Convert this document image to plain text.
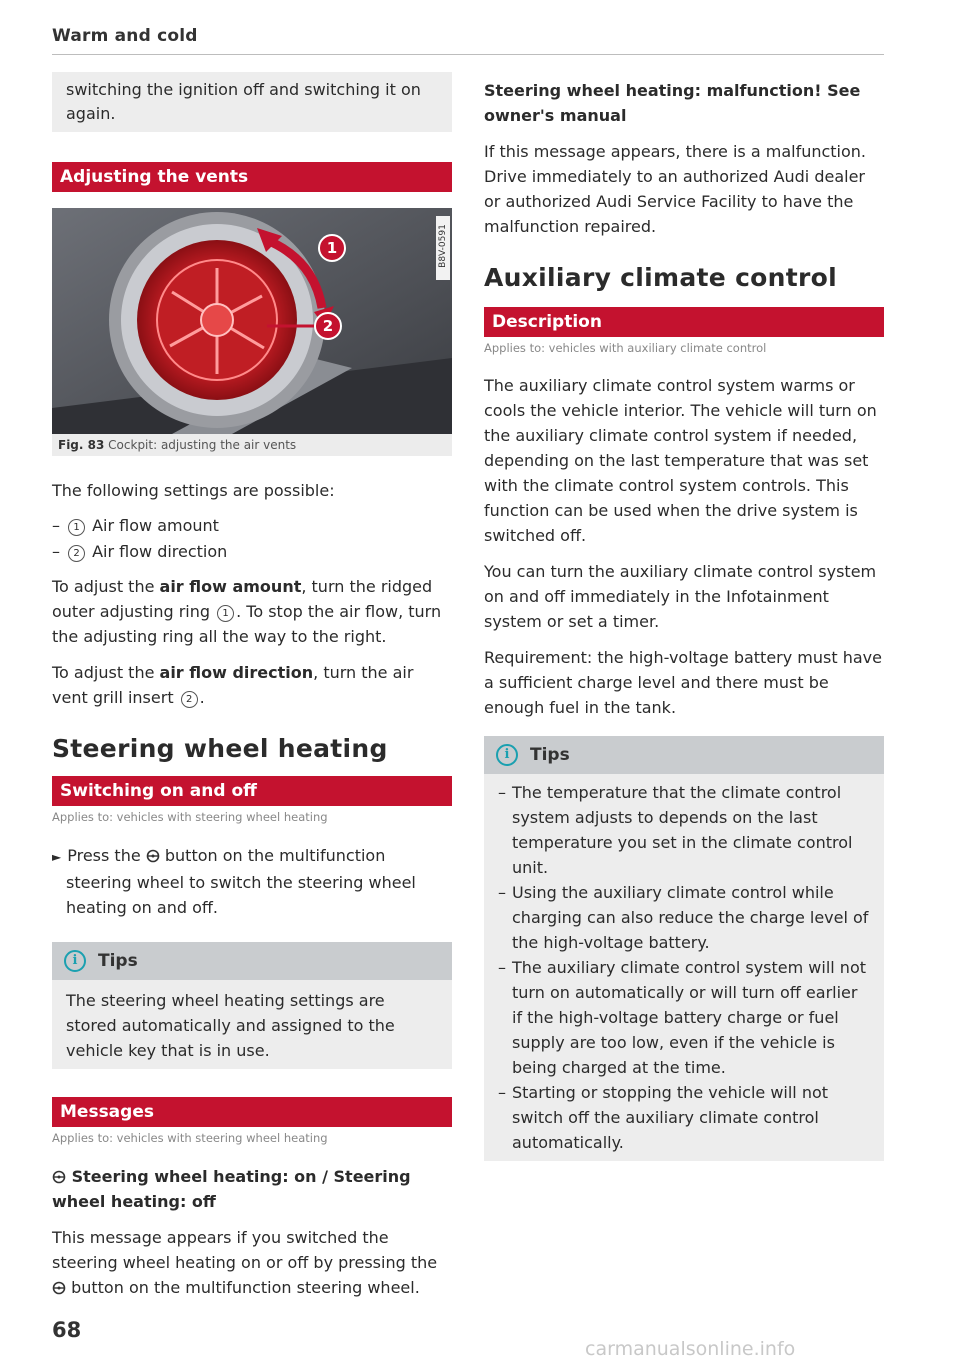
Warm and cold

switching the ignition off and switching it on again.

Adjusting the vents
1
2
B8V-0591
Fig. 83 Cockpit: adjusting the air vents

The following settings are possible:

– 1 Air flow amount
– 2 Air flow direction

To adjust the air flow amount, turn the ridged outer adjusting ring 1 . To stop the air flow, turn the adjusting ring all the way to the right.

To adjust the air flow direction, turn the air vent grill insert 2 .

Steering wheel heating
Switching on and off
Applies to: vehicles with steering wheel heating

► Press the  button on the multifunction steering wheel to switch the steering wheel heating on and off.

i	Tips

The steering wheel heating settings are stored automatically and assigned to the vehicle key that is in use.

Messages
Applies to: vehicles with steering wheel heating

Steering wheel heating: on / Steering wheel heating: off

This message appears if you switched the steering wheel heating on or off by pressing the  button on the multifunction steering wheel.

Steering wheel heating: malfunction! See owner's manual

If this message appears, there is a malfunction. Drive immediately to an authorized Audi dealer or authorized Audi Service Facility to have the malfunction repaired.

Auxiliary climate control
Description
Applies to: vehicles with auxiliary climate control

The auxiliary climate control system warms or cools the vehicle interior. The vehicle will turn on the auxiliary climate control system if needed, depending on the last temperature that was set with the climate control system controls. This function can be used when the drive system is switched off.

You can turn the auxiliary climate control system on and off immediately in the Infotainment system or set a timer.

Requirement: the high-voltage battery must have a sufficient charge level and there must be enough fuel in the tank.

i	Tips
– The temperature that the climate control system adjusts to depends on the last temperature you set in the climate control unit.
– Using the auxiliary climate control while charging can also reduce the charge level of the high-voltage battery.
– The auxiliary climate control system will not turn on automatically or will turn off earlier if the high-voltage battery charge or fuel supply are too low, even if the vehicle is being charged at the time.
– Starting or stopping the vehicle will not switch off the auxiliary climate control automatically.
68
carmanualsonline.info
